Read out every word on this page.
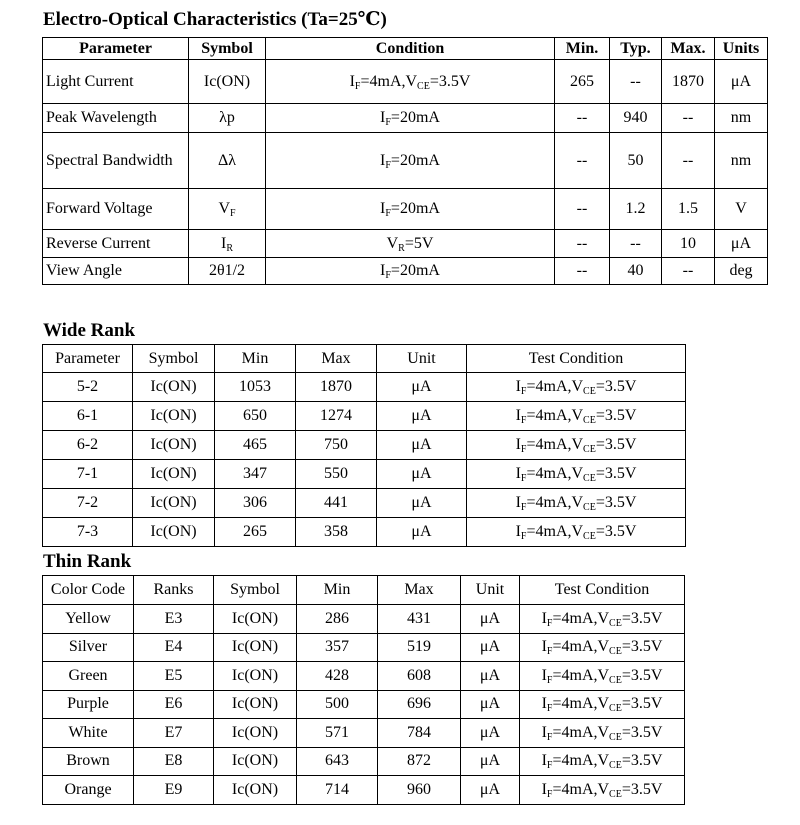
Electro-Optical Characteristics (Ta=25℃)
Parameter	Symbol	Condition	Min.	Typ.	Max.	Units
Light Current	Ic(ON)	$I_F=4mA,V_{CE}=3.5V$	265	--	1870	μA
Peak Wavelength	λp	$I_F=20mA$	--	940	--	nm
Spectral Bandwidth	Δλ	$I_F=20mA$	--	50	--	nm
Forward Voltage	$V_F$	$I_F=20mA$	--	1.2	1.5	V
Reverse Current	$I_R$	$V_R=5V$	--	--	10	μA
View Angle	2θ1/2	$I_F=20mA$	--	40	--	deg
Wide Rank
Parameter	Symbol	Min	Max	Unit	Test Condition
5-2	Ic(ON)	1053	1870	μA	$I_F=4mA,V_{CE}=3.5V$
6-1	Ic(ON)	650	1274	μA	$I_F=4mA,V_{CE}=3.5V$
6-2	Ic(ON)	465	750	μA	$I_F=4mA,V_{CE}=3.5V$
7-1	Ic(ON)	347	550	μA	$I_F=4mA,V_{CE}=3.5V$
7-2	Ic(ON)	306	441	μA	$I_F=4mA,V_{CE}=3.5V$
7-3	Ic(ON)	265	358	μA	$I_F=4mA,V_{CE}=3.5V$
Thin Rank
Color Code	Ranks	Symbol	Min	Max	Unit	Test Condition
Yellow	E3	Ic(ON)	286	431	μA	$I_F=4mA,V_{CE}=3.5V$
Silver	E4	Ic(ON)	357	519	μA	$I_F=4mA,V_{CE}=3.5V$
Green	E5	Ic(ON)	428	608	μA	$I_F=4mA,V_{CE}=3.5V$
Purple	E6	Ic(ON)	500	696	μA	$I_F=4mA,V_{CE}=3.5V$
White	E7	Ic(ON)	571	784	μA	$I_F=4mA,V_{CE}=3.5V$
Brown	E8	Ic(ON)	643	872	μA	$I_F=4mA,V_{CE}=3.5V$
Orange	E9	Ic(ON)	714	960	μA	$I_F=4mA,V_{CE}=3.5V$
